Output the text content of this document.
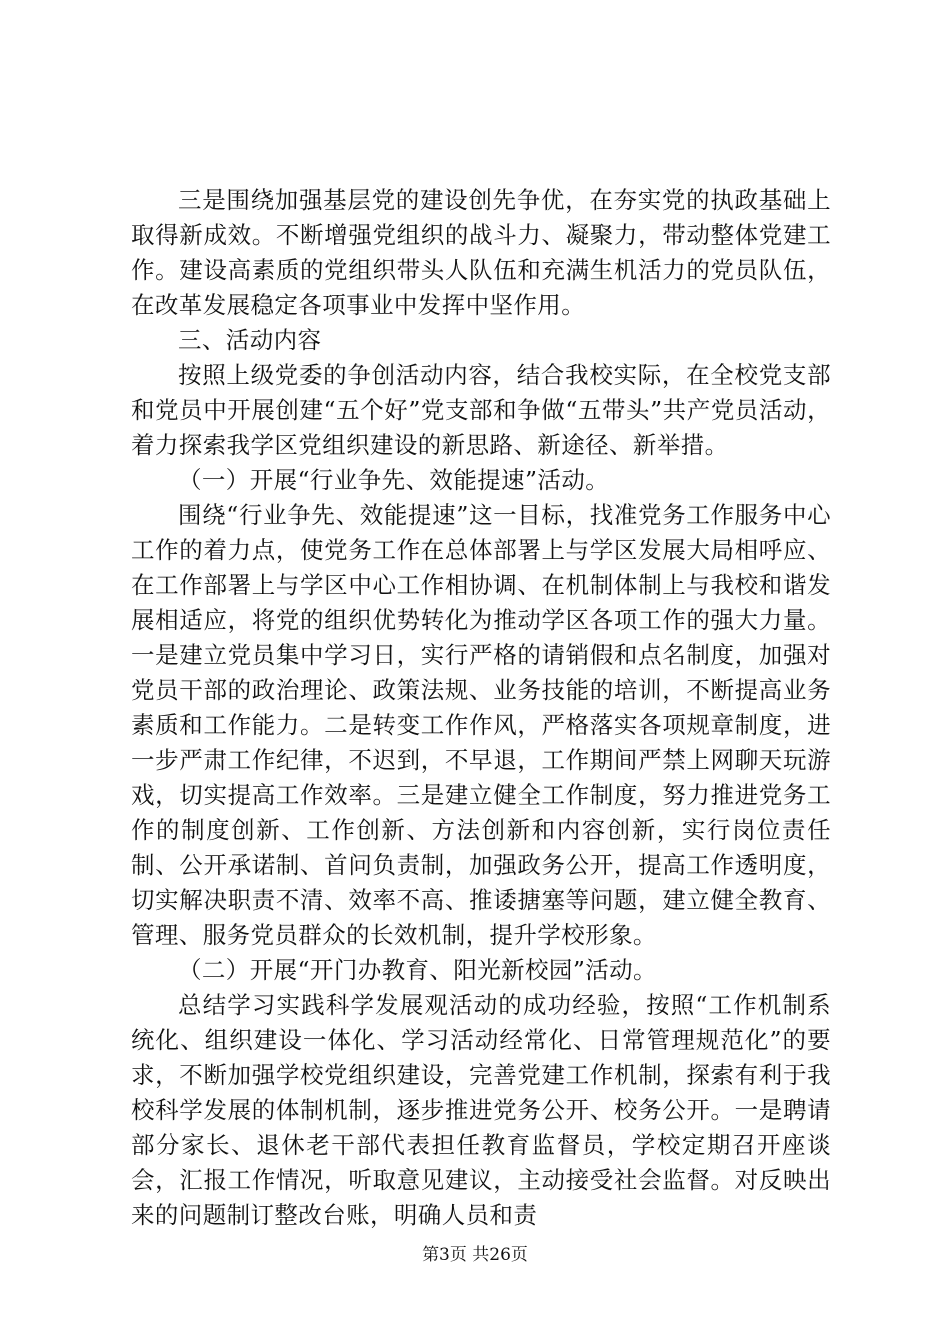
三是围绕加强基层党的建设创先争优，在夯实党的执政基础上取得新成效。不断增强党组织的战斗力、凝聚力，带动整体党建工作。建设高素质的党组织带头人队伍和充满生机活力的党员队伍，在改革发展稳定各项事业中发挥中坚作用。

三、活动内容

按照上级党委的争创活动内容，结合我校实际，在全校党支部和党员中开展创建“五个好”党支部和争做“五带头”共产党员活动，着力探索我学区党组织建设的新思路、新途径、新举措。

（一）开展“行业争先、效能提速”活动。

围绕“行业争先、效能提速”这一目标，找准党务工作服务中心工作的着力点，使党务工作在总体部署上与学区发展大局相呼应、在工作部署上与学区中心工作相协调、在机制体制上与我校和谐发展相适应，将党的组织优势转化为推动学区各项工作的强大力量。一是建立党员集中学习日，实行严格的请销假和点名制度，加强对党员干部的政治理论、政策法规、业务技能的培训，不断提高业务素质和工作能力。二是转变工作作风，严格落实各项规章制度，进一步严肃工作纪律，不迟到，不早退，工作期间严禁上网聊天玩游戏，切实提高工作效率。三是建立健全工作制度，努力推进党务工作的制度创新、工作创新、方法创新和内容创新，实行岗位责任制、公开承诺制、首问负责制，加强政务公开，提高工作透明度，切实解决职责不清、效率不高、推诿搪塞等问题，建立健全教育、管理、服务党员群众的长效机制，提升学校形象。

（二）开展“开门办教育、阳光新校园”活动。

总结学习实践科学发展观活动的成功经验，按照“工作机制系统化、组织建设一体化、学习活动经常化、日常管理规范化”的要求，不断加强学校党组织建设，完善党建工作机制，探索有利于我校科学发展的体制机制，逐步推进党务公开、校务公开。一是聘请部分家长、退休老干部代表担任教育监督员，学校定期召开座谈会，汇报工作情况，听取意见建议，主动接受社会监督。对反映出来的问题制订整改台账，明确人员和责

第3页 共26页
